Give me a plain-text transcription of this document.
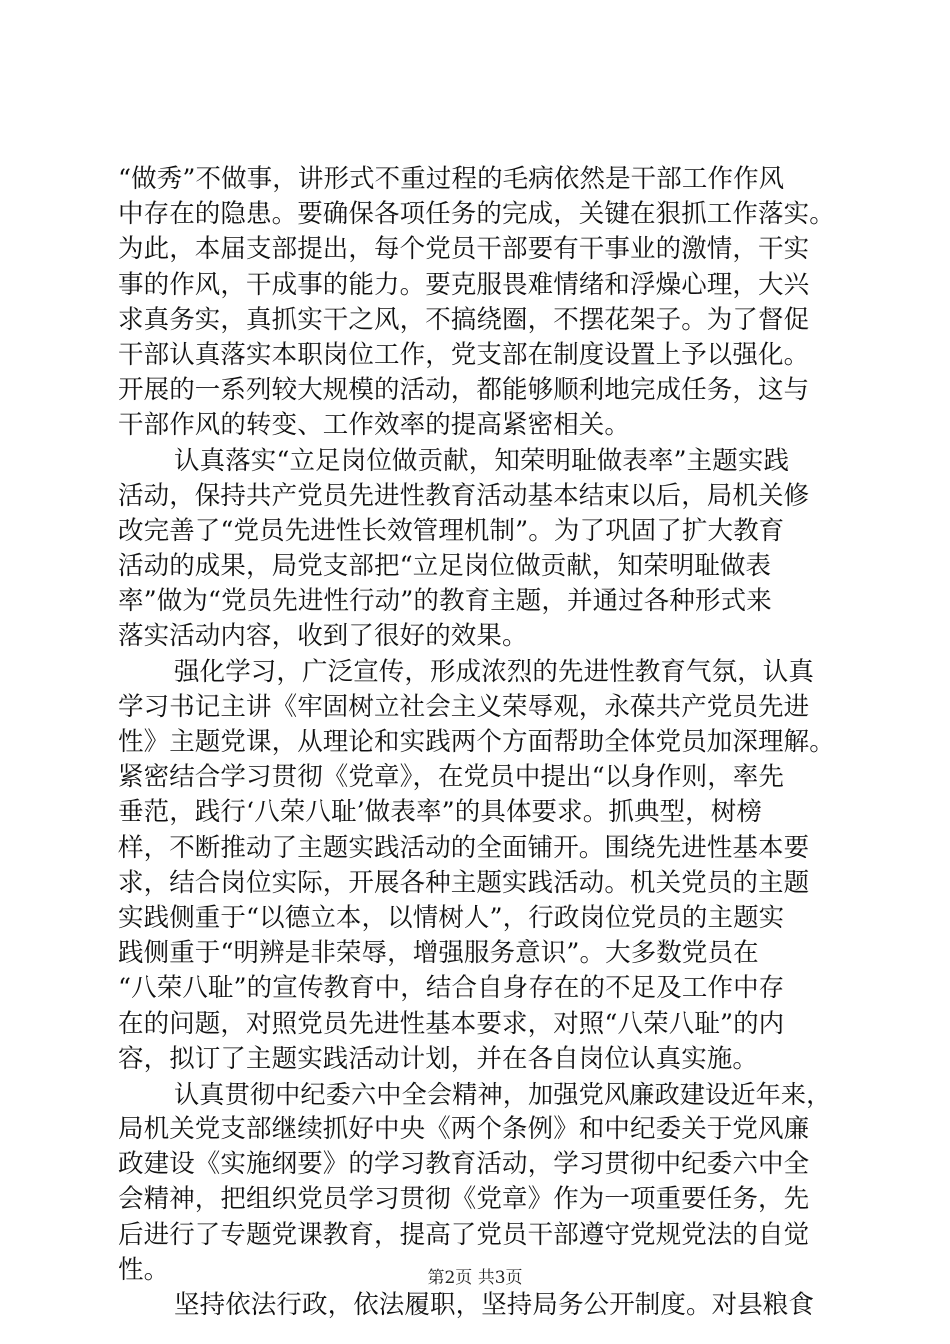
“做秀”不做事，讲形式不重过程的毛病依然是干部工作作风
中存在的隐患。要确保各项任务的完成，关键在狠抓工作落实。
为此，本届支部提出，每个党员干部要有干事业的激情，干实
事的作风，干成事的能力。要克服畏难情绪和浮燥心理，大兴
求真务实，真抓实干之风，不搞绕圈，不摆花架子。为了督促
干部认真落实本职岗位工作，党支部在制度设置上予以强化。
开展的一系列较大规模的活动，都能够顺利地完成任务，这与
干部作风的转变、工作效率的提高紧密相关。
认真落实“立足岗位做贡献，知荣明耻做表率”主题实践
活动，保持共产党员先进性教育活动基本结束以后，局机关修
改完善了“党员先进性长效管理机制”。为了巩固了扩大教育
活动的成果，局党支部把“立足岗位做贡献，知荣明耻做表
率”做为“党员先进性行动”的教育主题，并通过各种形式来
落实活动内容，收到了很好的效果。
强化学习，广泛宣传，形成浓烈的先进性教育气氛，认真
学习书记主讲《牢固树立社会主义荣辱观，永葆共产党员先进
性》主题党课，从理论和实践两个方面帮助全体党员加深理解。
紧密结合学习贯彻《党章》，在党员中提出“以身作则，率先
垂范，践行‘八荣八耻’做表率”的具体要求。抓典型，树榜
样，不断推动了主题实践活动的全面铺开。围绕先进性基本要
求，结合岗位实际，开展各种主题实践活动。机关党员的主题
实践侧重于“以德立本，以情树人”，行政岗位党员的主题实
践侧重于“明辨是非荣辱，增强服务意识”。大多数党员在
“八荣八耻”的宣传教育中，结合自身存在的不足及工作中存
在的问题，对照党员先进性基本要求，对照“八荣八耻”的内
容，拟订了主题实践活动计划，并在各自岗位认真实施。
认真贯彻中纪委六中全会精神，加强党风廉政建设近年来，
局机关党支部继续抓好中央《两个条例》和中纪委关于党风廉
政建设《实施纲要》的学习教育活动，学习贯彻中纪委六中全
会精神，把组织党员学习贯彻《党章》作为一项重要任务，先
后进行了专题党课教育，提高了党员干部遵守党规党法的自觉
性。
坚持依法行政，依法履职，坚持局务公开制度。对县粮食
第2页 共3页
